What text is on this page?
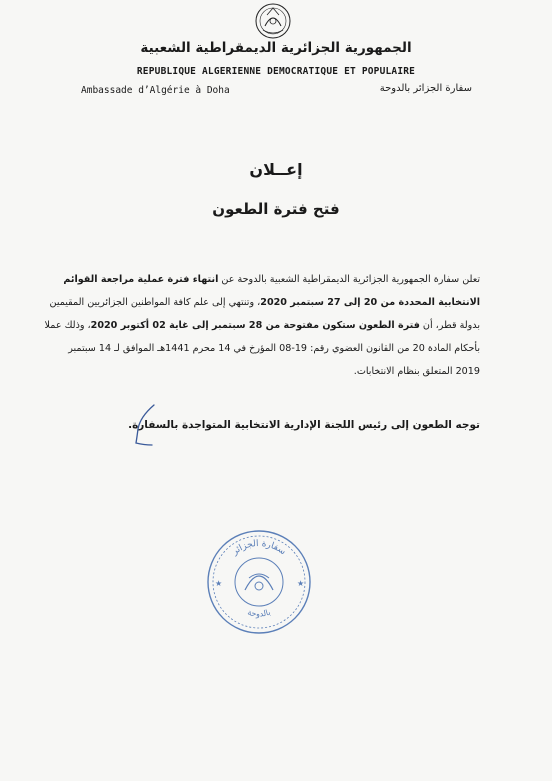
الجمهورية الجزائرية الديمقراطية الشعبية
REPUBLIQUE ALGERIENNE DEMOCRATIQUE ET POPULAIRE
Ambassade d’Algérie à Doha	سفارة الجزائر بالدوحة
إعــلان
فتح فترة الطعون
تعلن سفارة الجمهورية الجزائرية الديمقراطية الشعبية بالدوحة عن انتهاء فترة عملية مراجعة القوائم
الانتخابية المحددة من 20 إلى 27 سبتمبر 2020، وتنتهي إلى علم كافة المواطنين الجزائريين المقيمين
بدولة قطر، أن فترة الطعون ستكون مفتوحة من 28 سبتمبر إلى غاية 02 أكتوبر 2020، وذلك عملا
بأحكام المادة 20 من القانون العضوي رقم: 19-08 المؤرخ في 14 محرم 1441هـ الموافق لـ 14 سبتمبر
2019 المتعلق بنظام الانتخابات.
توجه الطعون إلى رئيس اللجنة الإدارية الانتخابية المتواجدة بالسفارة.
سفارة الجزائر
بالدوحة
★	★
